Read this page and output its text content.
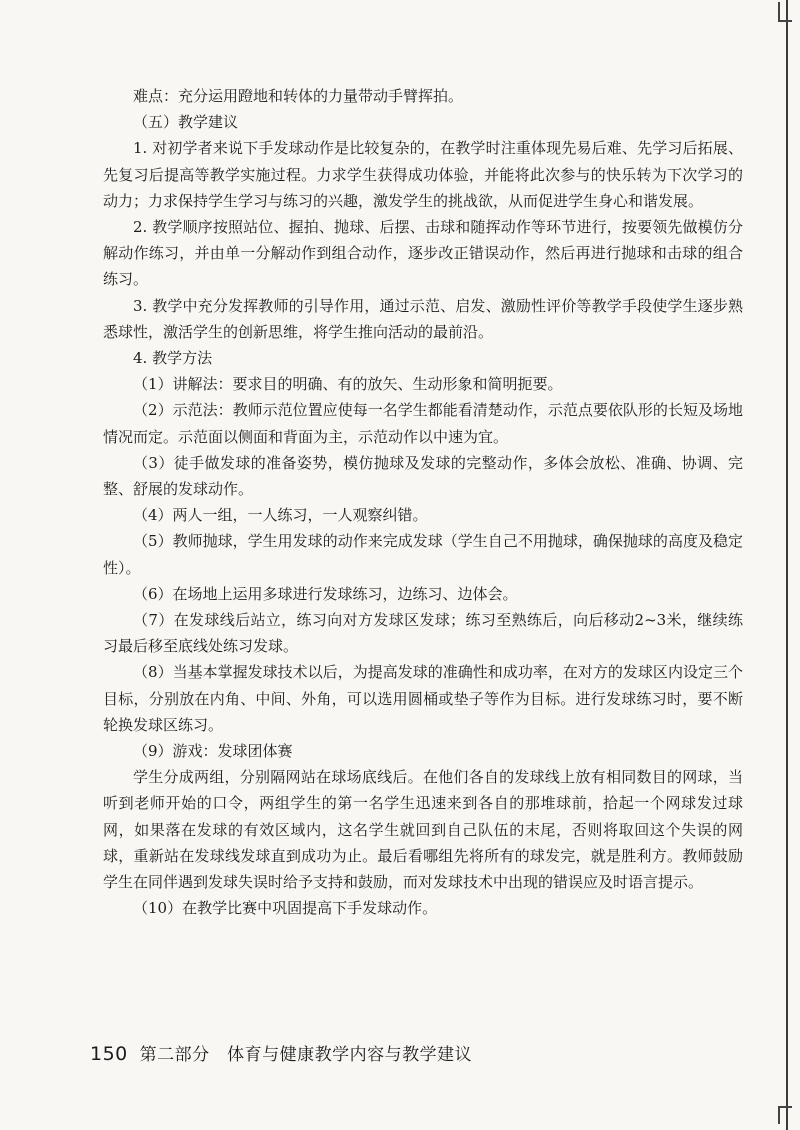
难点：充分运用蹬地和转体的力量带动手臂挥拍。

（五）教学建议

1. 对初学者来说下手发球动作是比较复杂的，在教学时注重体现先易后难、先学习后拓展、先复习后提高等教学实施过程。力求学生获得成功体验，并能将此次参与的快乐转为下次学习的动力；力求保持学生学习与练习的兴趣，激发学生的挑战欲，从而促进学生身心和谐发展。

2. 教学顺序按照站位、握拍、抛球、后摆、击球和随挥动作等环节进行，按要领先做模仿分解动作练习，并由单一分解动作到组合动作，逐步改正错误动作，然后再进行抛球和击球的组合练习。

3. 教学中充分发挥教师的引导作用，通过示范、启发、激励性评价等教学手段使学生逐步熟悉球性，激活学生的创新思维，将学生推向活动的最前沿。

4. 教学方法

（1）讲解法：要求目的明确、有的放矢、生动形象和简明扼要。

（2）示范法：教师示范位置应使每一名学生都能看清楚动作，示范点要依队形的长短及场地情况而定。示范面以侧面和背面为主，示范动作以中速为宜。

（3）徒手做发球的准备姿势，模仿抛球及发球的完整动作，多体会放松、准确、协调、完整、舒展的发球动作。

（4）两人一组，一人练习，一人观察纠错。

（5）教师抛球，学生用发球的动作来完成发球（学生自己不用抛球，确保抛球的高度及稳定性）。

（6）在场地上运用多球进行发球练习，边练习、边体会。

（7）在发球线后站立，练习向对方发球区发球；练习至熟练后，向后移动2~3米，继续练习最后移至底线处练习发球。

（8）当基本掌握发球技术以后，为提高发球的准确性和成功率，在对方的发球区内设定三个目标，分别放在内角、中间、外角，可以选用圆桶或垫子等作为目标。进行发球练习时，要不断轮换发球区练习。

（9）游戏：发球团体赛

学生分成两组，分别隔网站在球场底线后。在他们各自的发球线上放有相同数目的网球，当听到老师开始的口令，两组学生的第一名学生迅速来到各自的那堆球前，拾起一个网球发过球网，如果落在发球的有效区域内，这名学生就回到自己队伍的末尾，否则将取回这个失误的网球，重新站在发球线发球直到成功为止。最后看哪组先将所有的球发完，就是胜利方。教师鼓励学生在同伴遇到发球失误时给予支持和鼓励，而对发球技术中出现的错误应及时语言提示。

（10）在教学比赛中巩固提高下手发球动作。

150 第二部分　体育与健康教学内容与教学建议
